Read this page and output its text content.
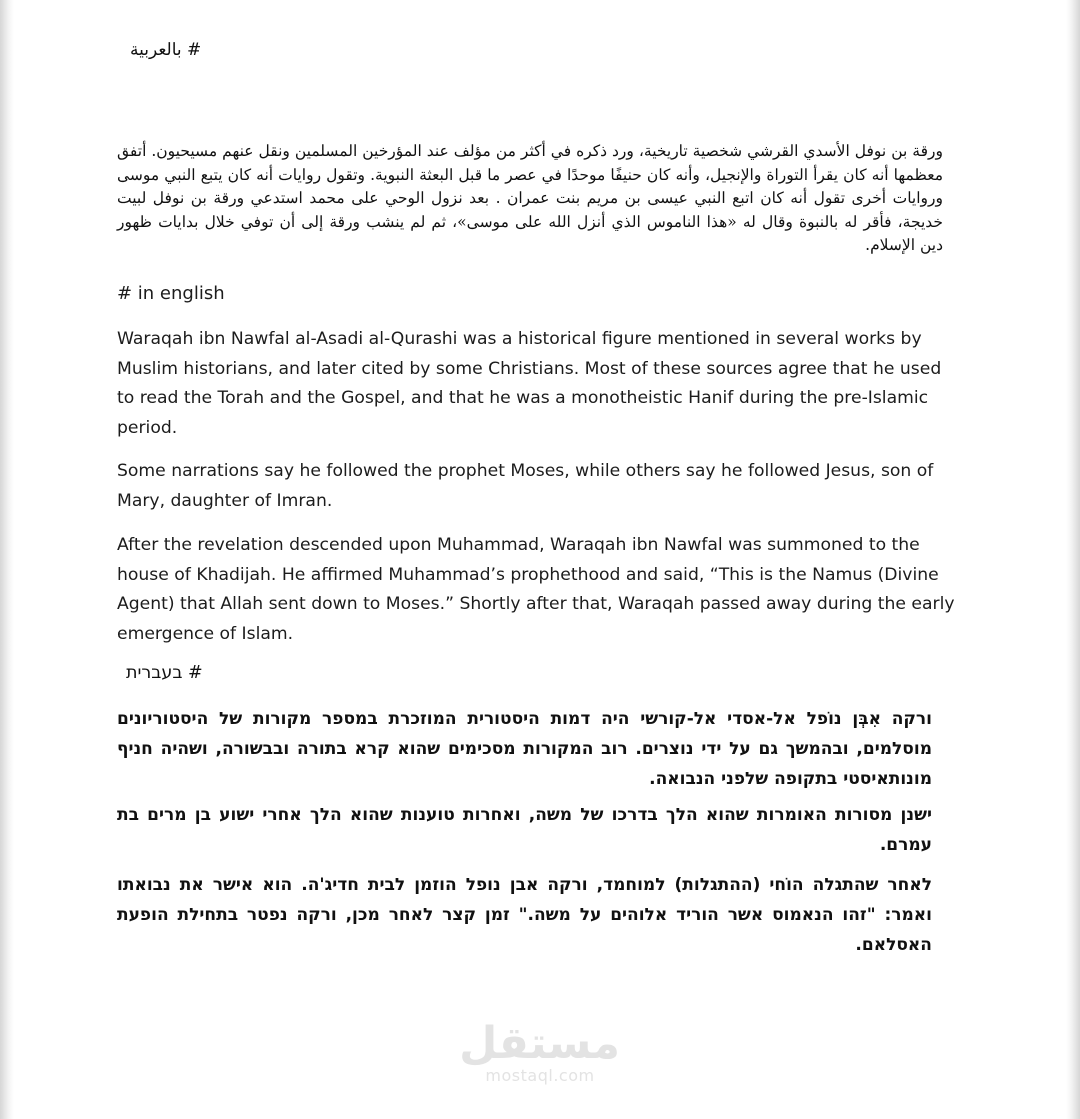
# بالعربية
ورقة بن نوفل الأسدي القرشي شخصية تاريخية، ورد ذكره في أكثر من مؤلف عند المؤرخين المسلمين ونقل عنهم مسيحيون. أتفق معظمها أنه كان يقرأ التوراة والإنجيل، وأنه كان حنيفًا موحدًا في عصر ما قبل البعثة النبوية. وتقول روايات أنه كان يتبع النبي موسى وروايات أخرى تقول أنه كان اتبع النبي عيسى بن مريم بنت عمران . بعد نزول الوحي على محمد استدعي ورقة بن نوفل لبيت خديجة، فأقر له بالنبوة وقال له «هذا الناموس الذي أنزل الله على موسى»، ثم لم ينشب ورقة إلى أن توفي خلال بدايات ظهور دين الإسلام.
# in english

Waraqah ibn Nawfal al-Asadi al-Qurashi was a historical figure mentioned in several works by Muslim historians, and later cited by some Christians. Most of these sources agree that he used to read the Torah and the Gospel, and that he was a monotheistic Hanif during the pre-Islamic period.

Some narrations say he followed the prophet Moses, while others say he followed Jesus, son of Mary, daughter of Imran.

After the revelation descended upon Muhammad, Waraqah ibn Nawfal was summoned to the house of Khadijah. He affirmed Muhammad’s prophethood and said, “This is the Namus (Divine Agent) that Allah sent down to Moses.” Shortly after that, Waraqah passed away during the early emergence of Islam.

# בעברית

ורקה אִבְּן נוֹפל אל-אסדי אל-קורשי היה דמות היסטורית המוזכרת במספר מקורות של היסטוריונים מוסלמים, ובהמשך גם על ידי נוצרים. רוב המקורות מסכימים שהוא קרא בתורה ובבשורה, ושהיה חניף מונותאיסטי בתקופה שלפני הנבואה.

ישנן מסורות האומרות שהוא הלך בדרכו של משה, ואחרות טוענות שהוא הלך אחרי ישוע בן מרים בת עמרם.

לאחר שהתגלה הוֹחי (ההתגלות) למוחמד, ורקה אבן נופל הוזמן לבית חדיג'ה. הוא אישר את נבואתו ואמר: "זהו הנאמוס אשר הוריד אלוהים על משה." זמן קצר לאחר מכן, ורקה נפטר בתחילת הופעת האסלאם.

مستقل
mostaql.com
